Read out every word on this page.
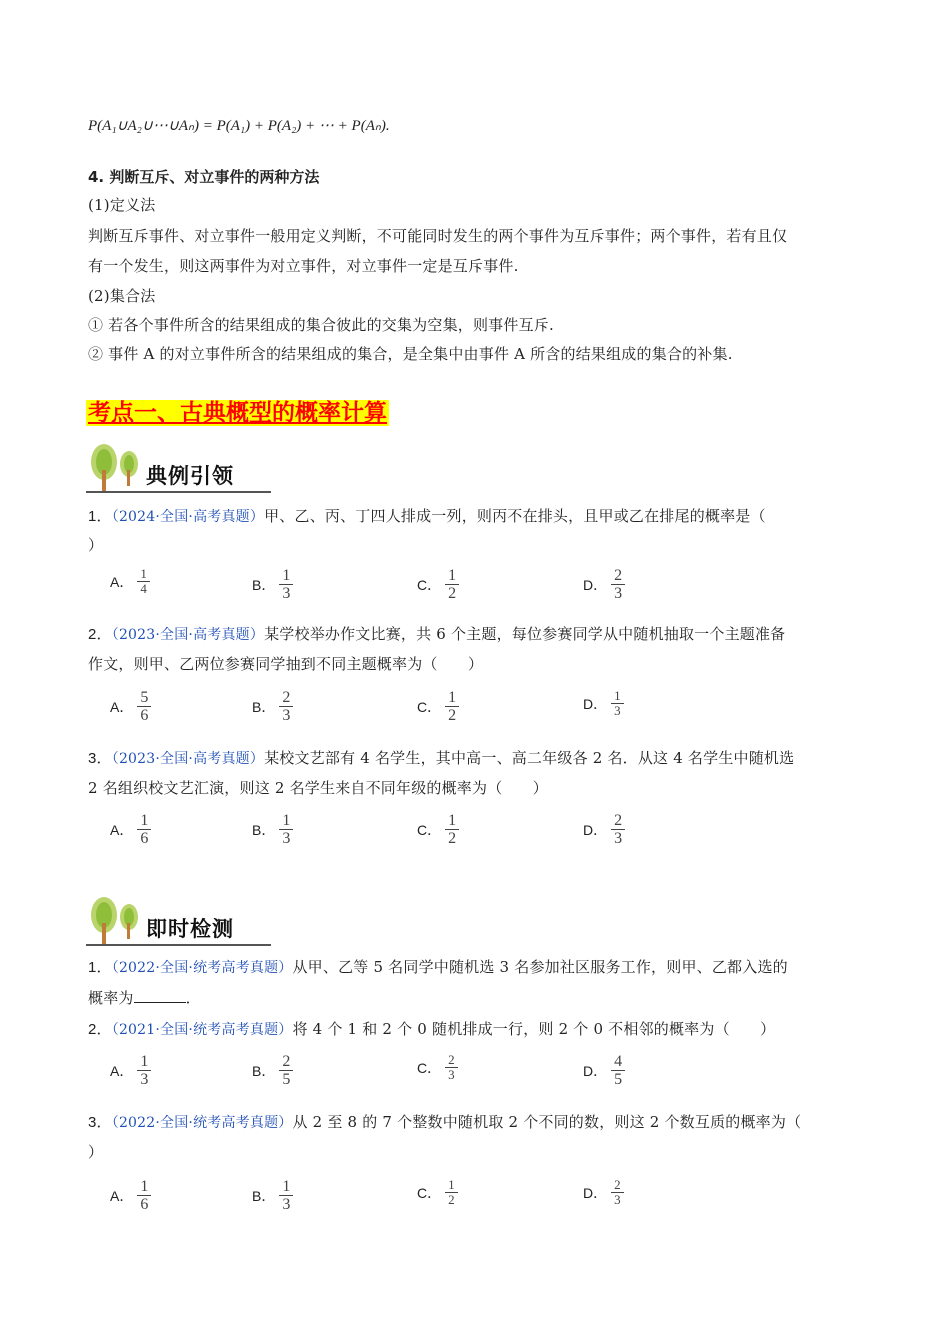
P(A₁∪A₂∪⋯∪Aₙ) = P(A₁) + P(A₂) + ⋯ + P(Aₙ).
4. 判断互斥、对立事件的两种方法
(1)定义法
判断互斥事件、对立事件一般用定义判断，不可能同时发生的两个事件为互斥事件；两个事件，若有且仅
有一个发生，则这两事件为对立事件，对立事件一定是互斥事件.
(2)集合法
① 若各个事件所含的结果组成的集合彼此的交集为空集，则事件互斥.
② 事件 A 的对立事件所含的结果组成的集合，是全集中由事件 A 所含的结果组成的集合的补集.
考点一、古典概型的概率计算
典例引领
1．（2024·全国·高考真题）甲、乙、丙、丁四人排成一列，则丙不在排头，且甲或乙在排尾的概率是（
）
A． $\frac{1}{4}$	B． $\frac{1}{3}$	C． $\frac{1}{2}$	D． $\frac{2}{3}$
2．（2023·全国·高考真题）某学校举办作文比赛，共 6 个主题，每位参赛同学从中随机抽取一个主题准备
作文，则甲、乙两位参赛同学抽到不同主题概率为（　　）
A． $\frac{5}{6}$	B． $\frac{2}{3}$	C． $\frac{1}{2}$	D． $\frac{1}{3}$
3．（2023·全国·高考真题）某校文艺部有 4 名学生，其中高一、高二年级各 2 名．从这 4 名学生中随机选
2 名组织校文艺汇演，则这 2 名学生来自不同年级的概率为（　　）
A． $\frac{1}{6}$	B． $\frac{1}{3}$	C． $\frac{1}{2}$	D． $\frac{2}{3}$
即时检测
1．（2022·全国·统考高考真题）从甲、乙等 5 名同学中随机选 3 名参加社区服务工作，则甲、乙都入选的
概率为	．
2．（2021·全国·统考高考真题）将 4 个 1 和 2 个 0 随机排成一行，则 2 个 0 不相邻的概率为（　　）
A． $\frac{1}{3}$	B． $\frac{2}{5}$	C． $\frac{2}{3}$	D． $\frac{4}{5}$
3．（2022·全国·统考高考真题）从 2 至 8 的 7 个整数中随机取 2 个不同的数，则这 2 个数互质的概率为（
）
A． $\frac{1}{6}$	B． $\frac{1}{3}$	C． $\frac{1}{2}$	D． $\frac{2}{3}$
